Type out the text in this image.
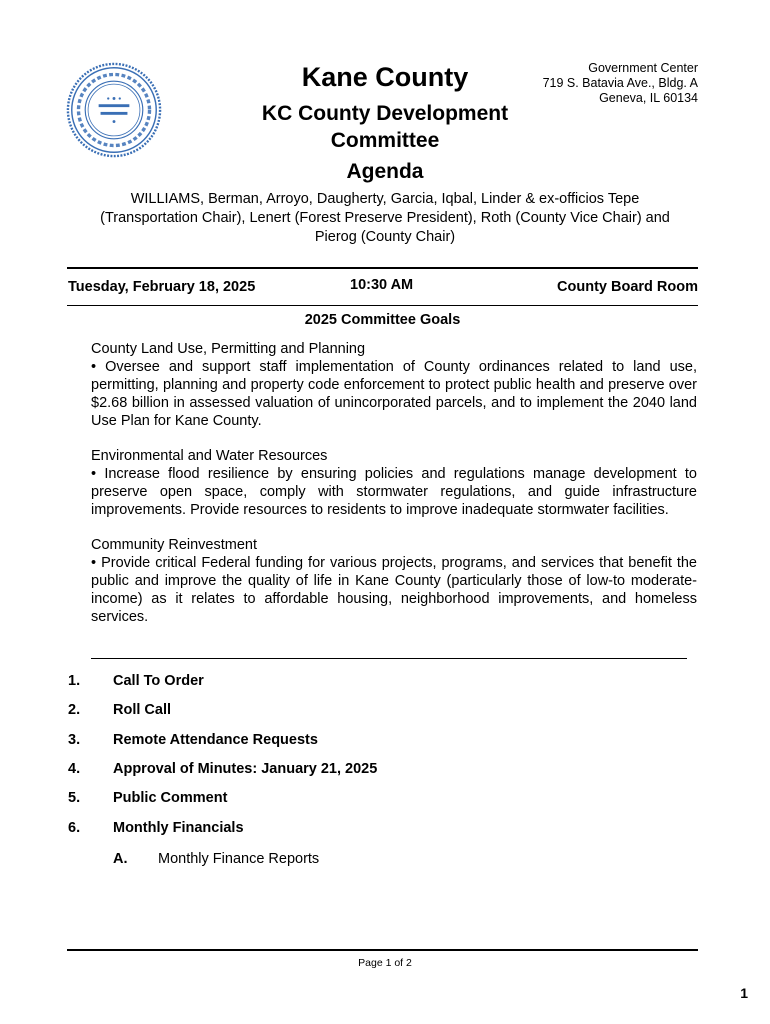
Kane County
KC County Development Committee
Agenda
Government Center
719 S. Batavia Ave., Bldg. A
Geneva, IL 60134
WILLIAMS, Berman, Arroyo, Daugherty, Garcia, Iqbal, Linder & ex-officios Tepe (Transportation Chair), Lenert (Forest Preserve President), Roth (County Vice Chair) and Pierog (County Chair)
Tuesday, February 18, 2025	10:30 AM	County Board Room
2025 Committee Goals
County Land Use, Permitting and Planning
• Oversee and support staff implementation of County ordinances related to land use, permitting, planning and property code enforcement to protect public health and preserve over $2.68 billion in assessed valuation of unincorporated parcels, and to implement the 2040 land Use Plan for Kane County.
Environmental and Water Resources
• Increase flood resilience by ensuring policies and regulations manage development to preserve open space, comply with stormwater regulations, and guide infrastructure improvements. Provide resources to residents to improve inadequate stormwater facilities.
Community Reinvestment
• Provide critical Federal funding for various projects, programs, and services that benefit the public and improve the quality of life in Kane County (particularly those of low-to moderate- income) as it relates to affordable housing, neighborhood improvements, and homeless services.
1. Call To Order
2. Roll Call
3. Remote Attendance Requests
4. Approval of Minutes: January 21, 2025
5. Public Comment
6. Monthly Financials
A. Monthly Finance Reports
Page 1 of 2
1
